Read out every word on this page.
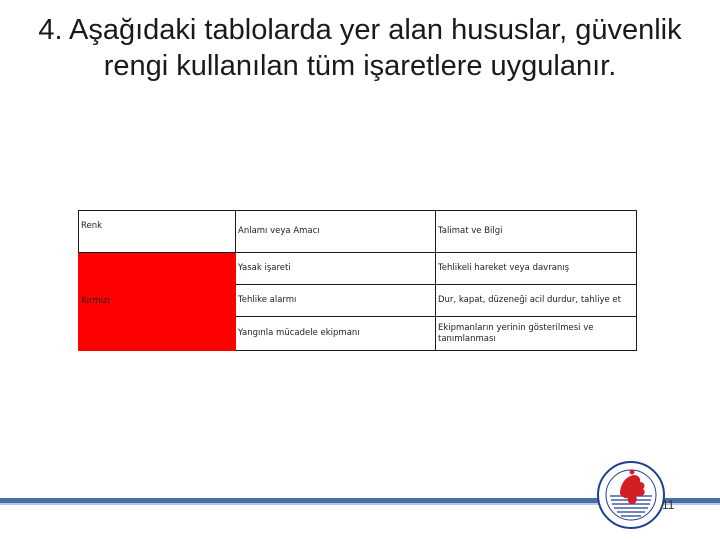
4. Aşağıdaki tablolarda yer alan hususlar, güvenlik rengi kullanılan tüm işaretlere uygulanır.
Renk	Anlamı veya Amacı	Talimat ve Bilgi
Kırmızı	Yasak işareti	Tehlikeli hareket veya davranış
	Tehlike alarmı	Dur, kapat, düzeneği acil durdur, tahliye et
	Yangınla mücadele ekipmanı	Ekipmanların yerinin gösterilmesi ve tanımlanması
11
